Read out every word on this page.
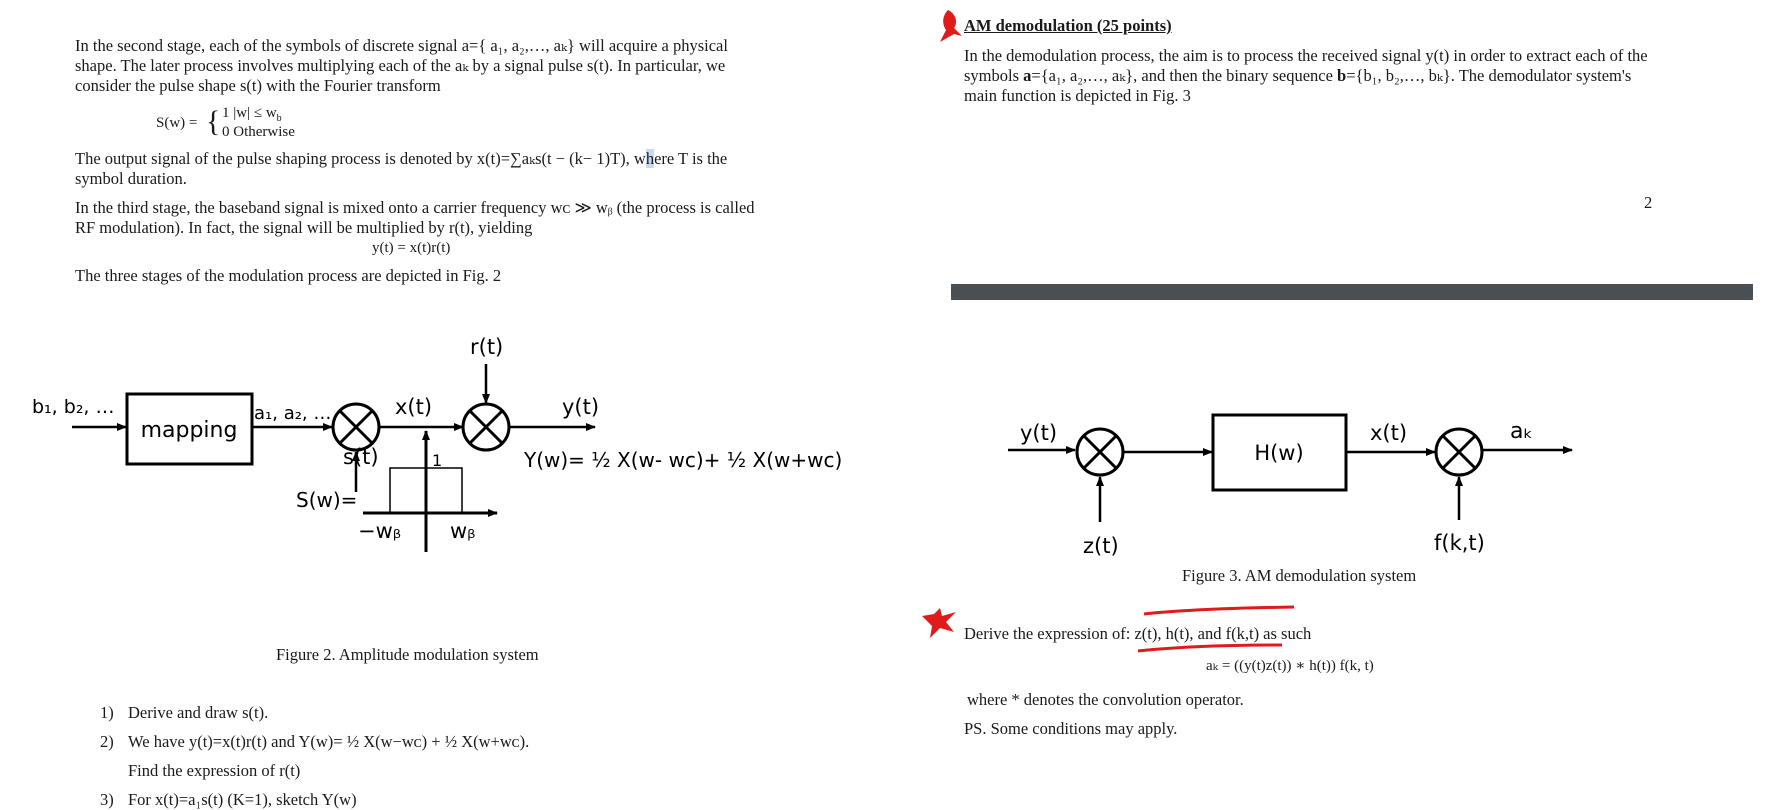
In the second stage, each of the symbols of discrete signal a={ a₁, a₂,…, aₖ} will acquire a physical shape. The later process involves multiplying each of the aₖ by a signal pulse s(t). In particular, we consider the pulse shape s(t) with the Fourier transform
S(w) = { 1 $|w| \le w_b$
0 Otherwise
The output signal of the pulse shaping process is denoted by x(t)=∑aₖs(t − (k− 1)T), where T is the symbol duration.
In the third stage, the baseband signal is mixed onto a carrier frequency wᴄ ≫ wᵦ (the process is called RF modulation). In fact, the signal will be multiplied by r(t), yielding
y(t) = x(t)r(t)
The three stages of the modulation process are depicted in Fig. 2
b₁, b₂, …
mapping
a₁, a₂, …	x(t)
r(t)
y(t)
Y(w)= ½ X(w- wᴄ)+ ½ X(w+wᴄ)
s(t)
S(w)=
1
−wᵦ wᵦ
Figure 2. Amplitude modulation system
1) Derive and draw s(t).
2) We have y(t)=x(t)r(t) and Y(w)= ½ X(w−wᴄ) + ½ X(w+wᴄ).
Find the expression of r(t)
3) For x(t)=a₁s(t) (K=1), sketch Y(w)
AM demodulation (25 points)
In the demodulation process, the aim is to process the received signal y(t) in order to extract each of the symbols a={a₁, a₂,…, aₖ}, and then the binary sequence b={b₁, b₂,…, bₖ}. The demodulator system's main function is depicted in Fig. 3
2
y(t)
H(w)
x(t)	aₖ
z(t)	f(k,t)
Figure 3. AM demodulation system
Derive the expression of: z(t), h(t), and f(k,t) as such
aₖ = ((y(t)z(t)) ∗ h(t)) f(k, t)
where * denotes the convolution operator.
PS. Some conditions may apply.
